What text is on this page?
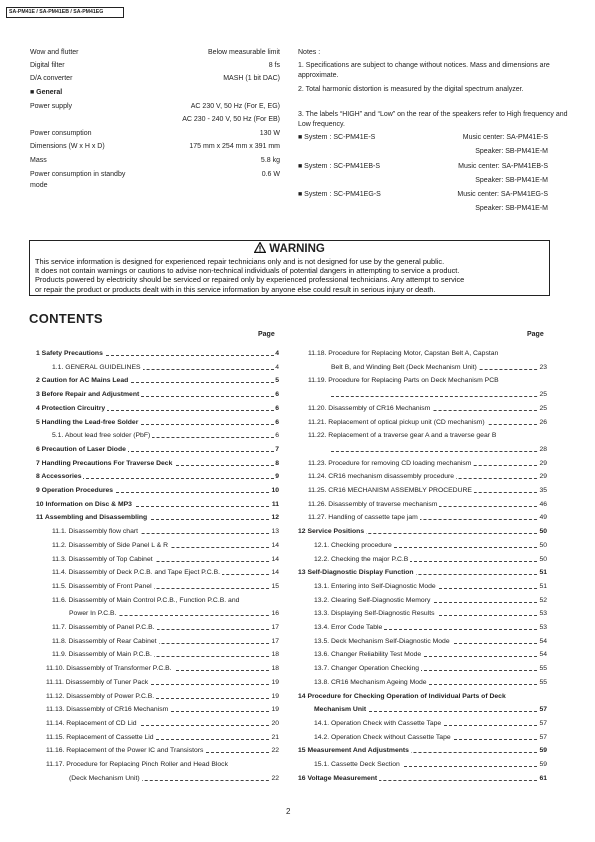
SA-PM41E / SA-PM41EB / SA-PM41EG
Wow and flutter	Below measurable limit
Digital filter	8 fs
D/A converter	MASH (1 bit DAC)
■ General
Power supply	AC 230 V, 50 Hz (For E, EG)
AC 230 - 240 V, 50 Hz (For EB)
Power consumption	130 W
Dimensions (W x H x D)	175 mm x 254 mm x 391 mm
Mass	5.8 kg
Power consumption in standby	0.6 W
mode
Notes :
1. Specifications are subject to change without notices. Mass and dimensions are approximate.
2. Total harmonic distortion is measured by the digital spectrum analyzer.
3. The labels “HIGH” and “Low” on the rear of the speakers refer to High frequency and Low frequency.
■ System : SC-PM41E-S	Music center: SA-PM41E-S
Speaker: SB-PM41E-M
■ System : SC-PM41EB-S	Music center: SA-PM41EB-S
Speaker: SB-PM41E-M
■ System : SC-PM41EG-S	Music center: SA-PM41EG-S
Speaker: SB-PM41E-M
WARNING
This service information is designed for experienced repair technicians only and is not designed for use by the general public.
It does not contain warnings or cautions to advise non-technical individuals of potential dangers in attempting to service a product.
Products powered by electricity should be serviced or repaired only by experienced professional technicians. Any attempt to service
or repair the product or products dealt with in this service information by anyone else could result in serious injury or death.
CONTENTS
Page	Page
1 Safety Precautions	4
1.1. GENERAL GUIDELINES	4
2 Caution for AC Mains Lead	5
3 Before Repair and Adjustment	6
4 Protection Circuitry	6
5 Handling the Lead-free Solder	6
5.1. About lead free solder (PbF)	6
6 Precaution of Laser Diode	7
7 Handling Precautions For Traverse Deck	8
8 Accessories	9
9 Operation Procedures	10
10 Information on Disc & MP3	11
11 Assembling and Disassembling	12
11.1. Disassembly flow chart	13
11.2. Disassembly of Side Panel L & R	14
11.3. Disassembly of Top Cabinet	14
11.4. Disassembly of Deck P.C.B. and Tape Eject P.C.B.	14
11.5. Disassembly of Front Panel	15
11.6. Disassembly of Main Control P.C.B., Function P.C.B. and
Power In P.C.B.	16
11.7. Disassembly of Panel P.C.B.	17
11.8. Disassembly of Rear Cabinet	17
11.9. Disassembly of Main P.C.B.	18
11.10. Disassembly of Transformer P.C.B.	18
11.11. Disassembly of Tuner Pack	19
11.12. Disassembly of Power P.C.B.	19
11.13. Disassembly of CR16 Mechanism	19
11.14. Replacement of CD Lid	20
11.15. Replacement of Cassette Lid	21
11.16. Replacement of the Power IC and Transistors	22
11.17. Procedure for Replacing Pinch Roller and Head Block
(Deck Mechanism Unit)	22
11.18. Procedure for Replacing Motor, Capstan Belt A, Capstan
Belt B, and Winding Belt (Deck Mechanism Unit)	23
11.19. Procedure for Replacing Parts on Deck Mechanism PCB
25
11.20. Disassembly of CR16 Mechanism	25
11.21. Replacement of optical pickup unit (CD mechanism)	26
11.22. Replacement of a traverse gear A and a traverse gear B
28
11.23. Procedure for removing CD loading mechanism	29
11.24. CR16 mechanism disassembly procedure	29
11.25. CR16 MECHANISM ASSEMBLY PROCEDURE	35
11.26. Disassembly of traverse mechanism	46
11.27. Handling of cassette tape jam	49
12 Service Positions	50
12.1. Checking procedure	50
12.2. Checking the major P.C.B	50
13 Self-Diagnostic Display Function	51
13.1. Entering into Self-Diagnostic Mode	51
13.2. Clearing Self-Diagnostic Memory	52
13.3. Displaying Self-Diagnostic Results	53
13.4. Error Code Table	53
13.5. Deck Mechanism Self-Diagnostic Mode	54
13.6. Changer Reliability Test Mode	54
13.7. Changer Operation Checking	55
13.8. CR16 Mechanism Ageing Mode	55
14 Procedure for Checking Operation of Individual Parts of Deck
Mechanism Unit	57
14.1. Operation Check with Cassette Tape	57
14.2. Operation Check without Cassette Tape	57
15 Measurement And Adjustments	59
15.1. Cassette Deck Section	59
16 Voltage Measurement	61
2
